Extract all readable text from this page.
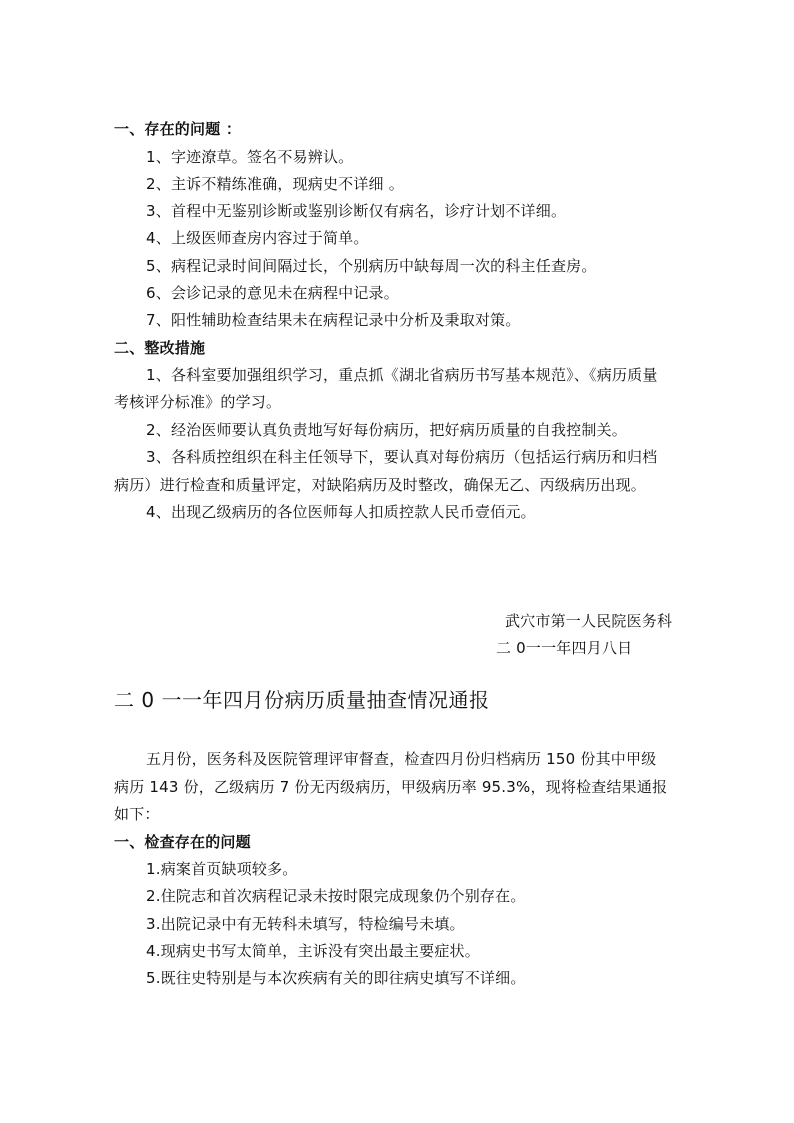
一、存在的问题 ：
1、字迹潦草。签名不易辨认。
2、主诉不精练准确，现病史不详细 。
3、首程中无鉴别诊断或鉴别诊断仅有病名，诊疗计划不详细。
4、上级医师查房内容过于简单。
5、病程记录时间间隔过长，个别病历中缺每周一次的科主任查房。
6、会诊记录的意见未在病程中记录。
7、阳性辅助检查结果未在病程记录中分析及秉取对策。
二、整改措施
1、各科室要加强组织学习，重点抓《湖北省病历书写基本规范》、《病历质量
考核评分标准》的学习。
2、经治医师要认真负责地写好每份病历，把好病历质量的自我控制关。
3、各科质控组织在科主任领导下，要认真对每份病历（包括运行病历和归档
病历）进行检查和质量评定，对缺陷病历及时整改，确保无乙、丙级病历出现。
4、出现乙级病历的各位医师每人扣质控款人民币壹佰元。
武穴市第一人民院医务科
二 0一一年四月八日
二 0 一一年四月份病历质量抽查情况通报
五月份，医务科及医院管理评审督查，检查四月份归档病历 150 份其中甲级
病历 143 份，乙级病历 7 份无丙级病历，甲级病历率 95.3%，现将检查结果通报
如下：
一、检查存在的问题
1.病案首页缺项较多。
2.住院志和首次病程记录未按时限完成现象仍个别存在。
3.出院记录中有无转科未填写，特检编号未填。
4.现病史书写太简单，主诉没有突出最主要症状。
5.既往史特别是与本次疾病有关的即往病史填写不详细。
